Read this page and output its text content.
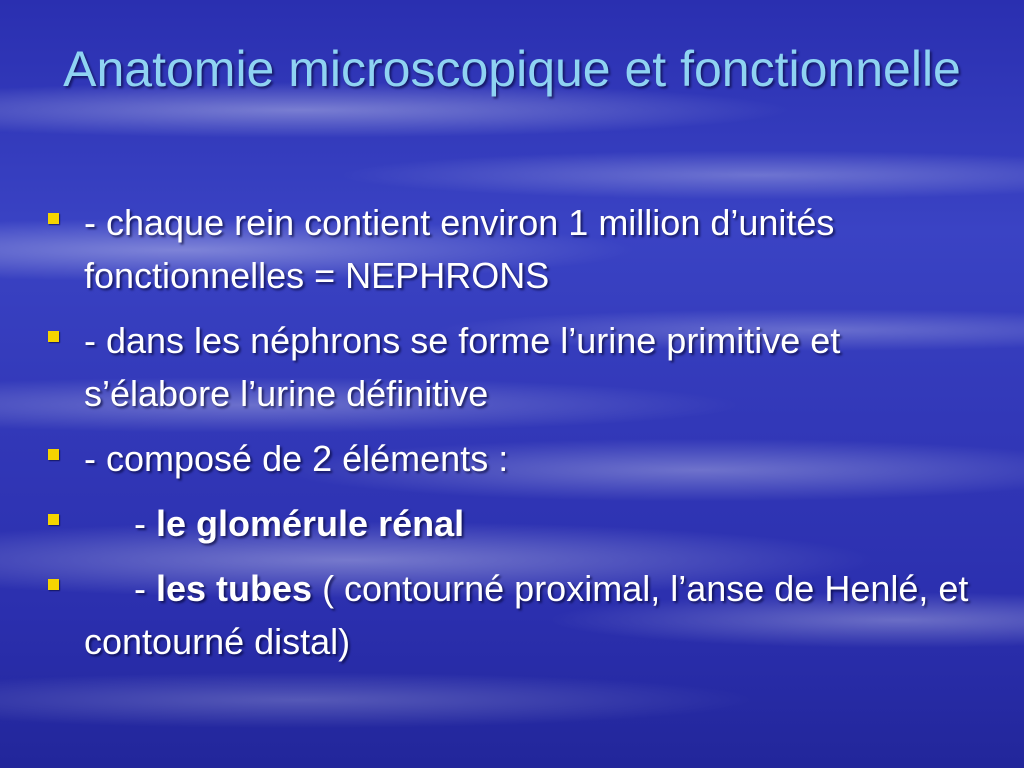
Anatomie microscopique et fonctionnelle
- chaque rein contient environ 1 million d’unités fonctionnelles = NEPHRONS
- dans les néphrons se forme l’urine primitive et s’élabore l’urine définitive
- composé de 2 éléments :
- le glomérule rénal
- les tubes ( contourné proximal, l’anse de Henlé, et contourné distal)
